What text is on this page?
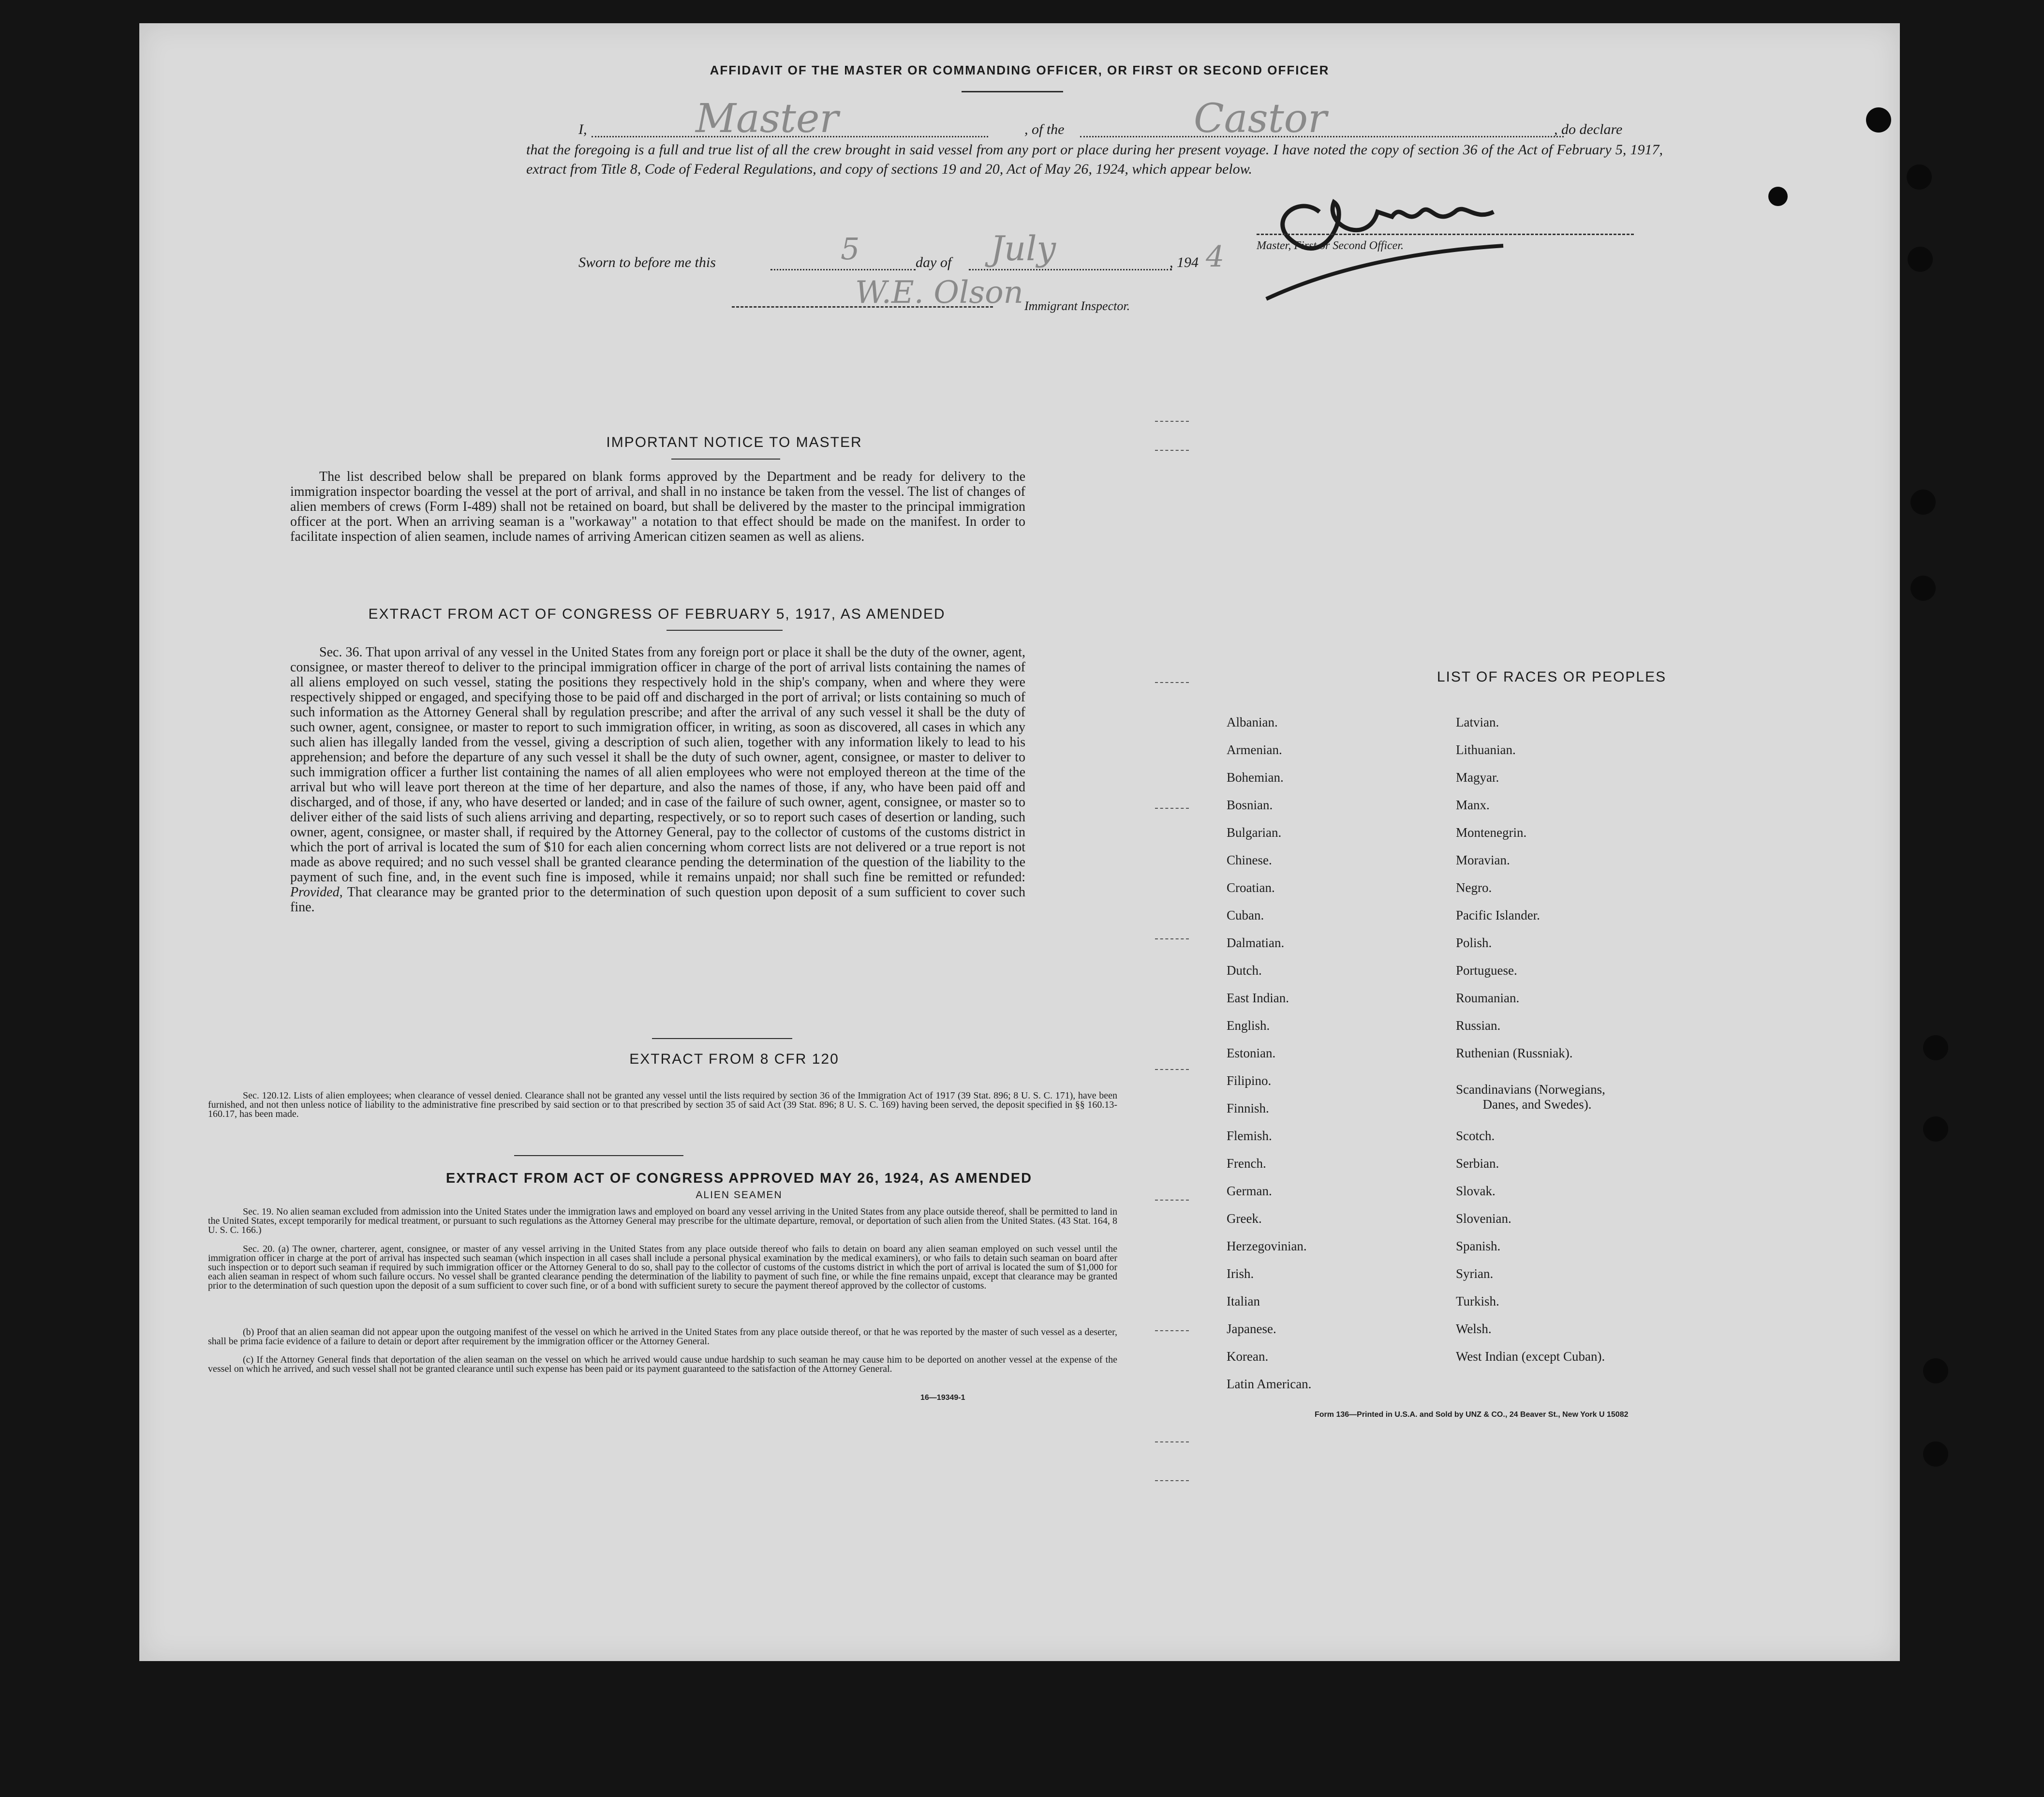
AFFIDAVIT OF THE MASTER OR COMMANDING OFFICER, OR FIRST OR SECOND OFFICER
I,	Master	, of the	Castor	, do declare
that the foregoing is a full and true list of all the crew brought in said vessel from any port or place during her present voyage. I have noted the copy of section 36 of the Act of February 5, 1917, extract from Title 8, Code of Federal Regulations, and copy of sections 19 and 20, Act of May 26, 1924, which appear below.
Master, First or Second Officer.
Sworn to before me this	5	day of July	, 194 4
W.E. Olson Immigrant Inspector.
IMPORTANT NOTICE TO MASTER
The list described below shall be prepared on blank forms approved by the Department and be ready for delivery to the immigration inspector boarding the vessel at the port of arrival, and shall in no instance be taken from the vessel. The list of changes of alien members of crews (Form I-489) shall not be retained on board, but shall be delivered by the master to the principal immigration officer at the port. When an arriving seaman is a "workaway" a notation to that effect should be made on the manifest. In order to facilitate inspection of alien seamen, include names of arriving American citizen seamen as well as aliens.
EXTRACT FROM ACT OF CONGRESS OF FEBRUARY 5, 1917, AS AMENDED
Sec. 36. That upon arrival of any vessel in the United States from any foreign port or place it shall be the duty of the owner, agent, consignee, or master thereof to deliver to the principal immigration officer in charge of the port of arrival lists containing the names of all aliens employed on such vessel, stating the positions they respectively hold in the ship's company, when and where they were respectively shipped or engaged, and specifying those to be paid off and discharged in the port of arrival; or lists containing so much of such information as the Attorney General shall by regulation prescribe; and after the arrival of any such vessel it shall be the duty of such owner, agent, consignee, or master to report to such immigration officer, in writing, as soon as discovered, all cases in which any such alien has illegally landed from the vessel, giving a description of such alien, together with any information likely to lead to his apprehension; and before the departure of any such vessel it shall be the duty of such owner, agent, consignee, or master to deliver to such immigration officer a further list containing the names of all alien employees who were not employed thereon at the time of the arrival but who will leave port thereon at the time of her departure, and also the names of those, if any, who have been paid off and discharged, and of those, if any, who have deserted or landed; and in case of the failure of such owner, agent, consignee, or master so to deliver either of the said lists of such aliens arriving and departing, respectively, or so to report such cases of desertion or landing, such owner, agent, consignee, or master shall, if required by the Attorney General, pay to the collector of customs of the customs district in which the port of arrival is located the sum of $10 for each alien concerning whom correct lists are not delivered or a true report is not made as above required; and no such vessel shall be granted clearance pending the determination of the question of the liability to the payment of such fine, and, in the event such fine is imposed, while it remains unpaid; nor shall such fine be remitted or refunded: Provided, That clearance may be granted prior to the determination of such question upon deposit of a sum sufficient to cover such fine.
EXTRACT FROM 8 CFR 120
Sec. 120.12. Lists of alien employees; when clearance of vessel denied. Clearance shall not be granted any vessel until the lists required by section 36 of the Immigration Act of 1917 (39 Stat. 896; 8 U. S. C. 171), have been furnished, and not then unless notice of liability to the administrative fine prescribed by said section or to that prescribed by section 35 of said Act (39 Stat. 896; 8 U. S. C. 169) having been served, the deposit specified in §§ 160.13-160.17, has been made.
EXTRACT FROM ACT OF CONGRESS APPROVED MAY 26, 1924, AS AMENDED
ALIEN SEAMEN
Sec. 19. No alien seaman excluded from admission into the United States under the immigration laws and employed on board any vessel arriving in the United States from any place outside thereof, shall be permitted to land in the United States, except temporarily for medical treatment, or pursuant to such regulations as the Attorney General may prescribe for the ultimate departure, removal, or deportation of such alien from the United States. (43 Stat. 164, 8 U. S. C. 166.)
Sec. 20. (a) The owner, charterer, agent, consignee, or master of any vessel arriving in the United States from any place outside thereof who fails to detain on board any alien seaman employed on such vessel until the immigration officer in charge at the port of arrival has inspected such seaman (which inspection in all cases shall include a personal physical examination by the medical examiners), or who fails to detain such seaman on board after such inspection or to deport such seaman if required by such immigration officer or the Attorney General to do so, shall pay to the collector of customs of the customs district in which the port of arrival is located the sum of $1,000 for each alien seaman in respect of whom such failure occurs. No vessel shall be granted clearance pending the determination of the liability to payment of such fine, or while the fine remains unpaid, except that clearance may be granted prior to the determination of such question upon the deposit of a sum sufficient to cover such fine, or of a bond with sufficient surety to secure the payment thereof approved by the collector of customs.
(b) Proof that an alien seaman did not appear upon the outgoing manifest of the vessel on which he arrived in the United States from any place outside thereof, or that he was reported by the master of such vessel as a deserter, shall be prima facie evidence of a failure to detain or deport after requirement by the immigration officer or the Attorney General.
(c) If the Attorney General finds that deportation of the alien seaman on the vessel on which he arrived would cause undue hardship to such seaman he may cause him to be deported on another vessel at the expense of the vessel on which he arrived, and such vessel shall not be granted clearance until such expense has been paid or its payment guaranteed to the satisfaction of the Attorney General.
16—19349-1
LIST OF RACES OR PEOPLES
Albanian.
Armenian.
Bohemian.
Bosnian.
Bulgarian.
Chinese.
Croatian.
Cuban.
Dalmatian.
Dutch.
East Indian.
English.
Estonian.
Filipino.
Finnish.
Flemish.
French.
German.
Greek.
Herzegovinian.
Irish.
Italian
Japanese.
Korean.
Latin American.
Latvian.
Lithuanian.
Magyar.
Manx.
Montenegrin.
Moravian.
Negro.
Pacific Islander.
Polish.
Portuguese.
Roumanian.
Russian.
Ruthenian (Russniak).
Scandinavians (Norwegians,
Danes, and Swedes).
Scotch.
Serbian.
Slovak.
Slovenian.
Spanish.
Syrian.
Turkish.
Welsh.
West Indian (except Cuban).
Form 136—Printed in U.S.A. and Sold by UNZ & CO., 24 Beaver St., New York U 15082
